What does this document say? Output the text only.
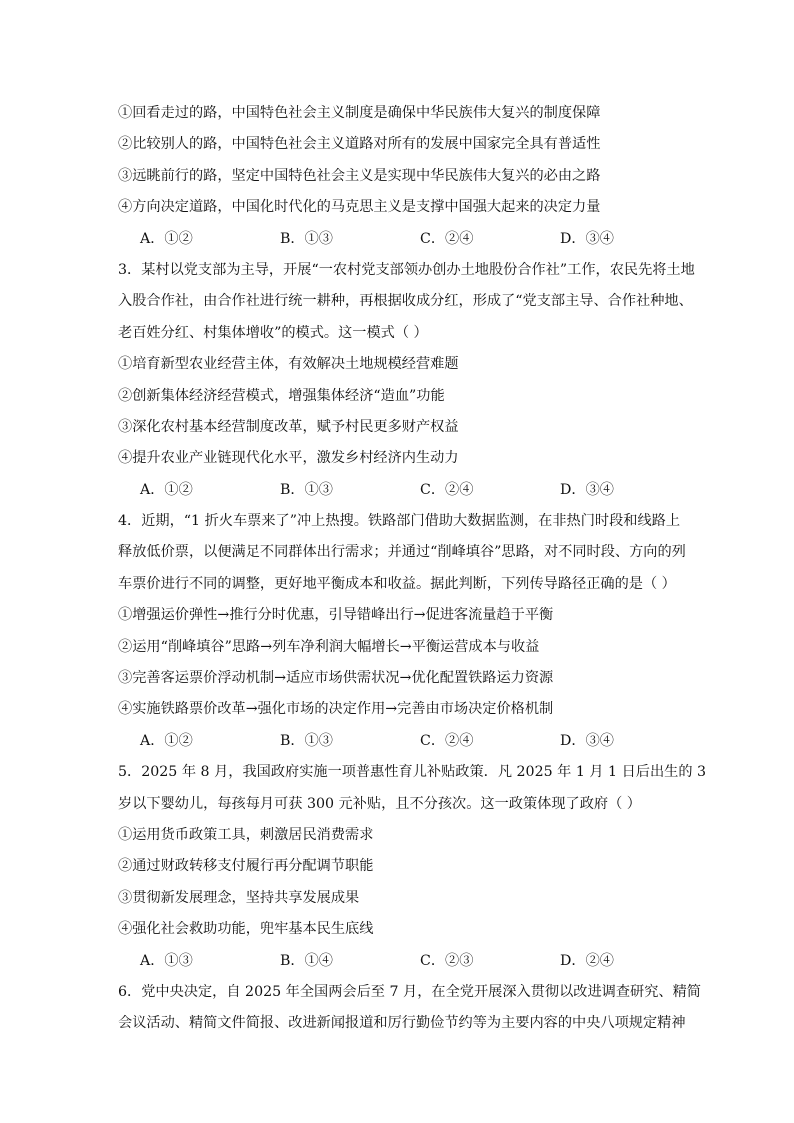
①回看走过的路，中国特色社会主义制度是确保中华民族伟大复兴的制度保障
②比较别人的路，中国特色社会主义道路对所有的发展中国家完全具有普适性
③远眺前行的路，坚定中国特色社会主义是实现中华民族伟大复兴的必由之路
④方向决定道路，中国化时代化的马克思主义是支撑中国强大起来的决定力量
A．①②	B．①③	C．②④	D．③④
3．某村以党支部为主导，开展“一农村党支部领办创办土地股份合作社”工作，农民先将土地
入股合作社，由合作社进行统一耕种，再根据收成分红，形成了“党支部主导、合作社种地、
老百姓分红、村集体增收”的模式。这一模式（ ）
①培育新型农业经营主体，有效解决土地规模经营难题
②创新集体经济经营模式，增强集体经济“造血”功能
③深化农村基本经营制度改革，赋予村民更多财产权益
④提升农业产业链现代化水平，激发乡村经济内生动力
A．①②	B．①③	C．②④	D．③④
4．近期，“1 折火车票来了”冲上热搜。铁路部门借助大数据监测，在非热门时段和线路上
释放低价票，以便满足不同群体出行需求；并通过“削峰填谷”思路，对不同时段、方向的列
车票价进行不同的调整，更好地平衡成本和收益。据此判断，下列传导路径正确的是（ ）
①增强运价弹性→推行分时优惠，引导错峰出行→促进客流量趋于平衡
②运用“削峰填谷”思路→列车净利润大幅增长→平衡运营成本与收益
③完善客运票价浮动机制→适应市场供需状况→优化配置铁路运力资源
④实施铁路票价改革→强化市场的决定作用→完善由市场决定价格机制
A．①②	B．①③	C．②④	D．③④
5．2025 年 8 月，我国政府实施一项普惠性育儿补贴政策．凡 2025 年 1 月 1 日后出生的 3
岁以下婴幼儿，每孩每月可获 300 元补贴，且不分孩次。这一政策体现了政府（ ）
①运用货币政策工具，刺激居民消费需求
②通过财政转移支付履行再分配调节职能
③贯彻新发展理念，坚持共享发展成果
④强化社会救助功能，兜牢基本民生底线
A．①③	B．①④	C．②③	D．②④
6．党中央决定，自 2025 年全国两会后至 7 月，在全党开展深入贯彻以改进调查研究、精简
会议活动、精简文件简报、改进新闻报道和厉行勤俭节约等为主要内容的中央八项规定精神
